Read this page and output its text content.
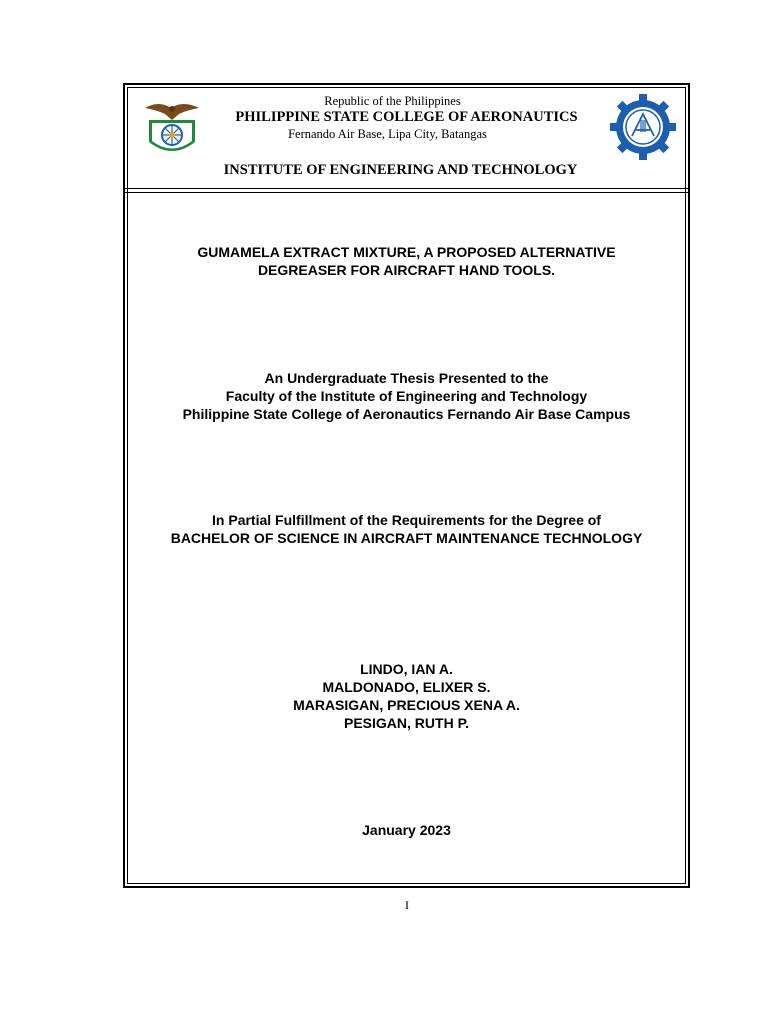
Republic of the Philippines
PHILIPPINE STATE COLLEGE OF AERONAUTICS
Fernando Air Base, Lipa City, Batangas
INSTITUTE OF ENGINEERING AND TECHNOLOGY
GUMAMELA EXTRACT MIXTURE, A PROPOSED ALTERNATIVE
DEGREASER FOR AIRCRAFT HAND TOOLS.
An Undergraduate Thesis Presented to the
Faculty of the Institute of Engineering and Technology
Philippine State College of Aeronautics Fernando Air Base Campus
In Partial Fulfillment of the Requirements for the Degree of
BACHELOR OF SCIENCE IN AIRCRAFT MAINTENANCE TECHNOLOGY
LINDO, IAN A.
MALDONADO, ELIXER S.
MARASIGAN, PRECIOUS XENA A.
PESIGAN, RUTH P.
January 2023
I
